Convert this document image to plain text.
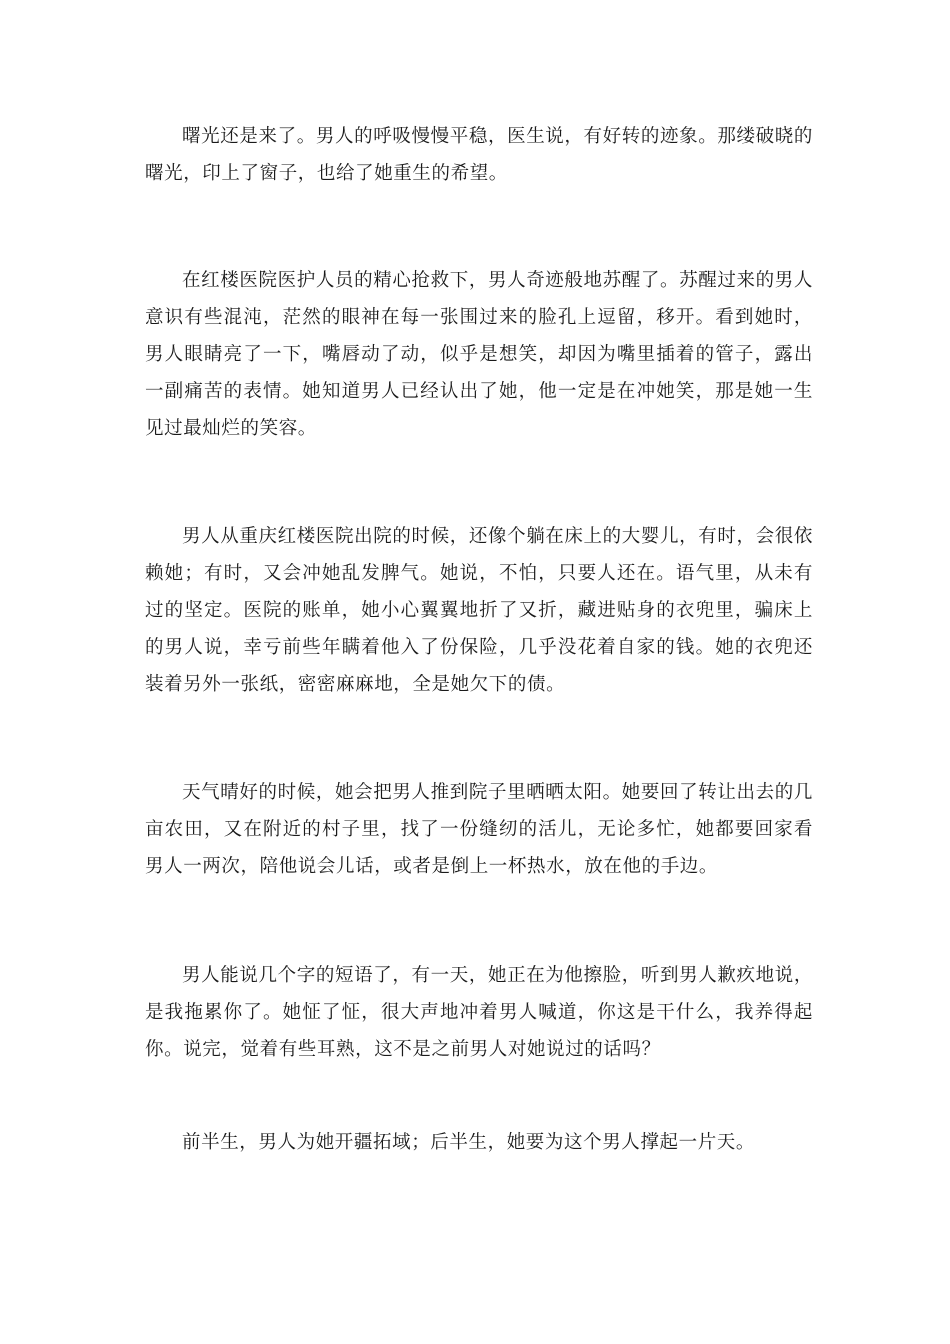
曙光还是来了。男人的呼吸慢慢平稳，医生说，有好转的迹象。那缕破晓的曙光，印上了窗子，也给了她重生的希望。

在红楼医院医护人员的精心抢救下，男人奇迹般地苏醒了。苏醒过来的男人意识有些混沌，茫然的眼神在每一张围过来的脸孔上逗留，移开。看到她时，男人眼睛亮了一下，嘴唇动了动，似乎是想笑，却因为嘴里插着的管子，露出一副痛苦的表情。她知道男人已经认出了她，他一定是在冲她笑，那是她一生见过最灿烂的笑容。

男人从重庆红楼医院出院的时候，还像个躺在床上的大婴儿，有时，会很依赖她；有时，又会冲她乱发脾气。她说，不怕，只要人还在。语气里，从未有过的坚定。医院的账单，她小心翼翼地折了又折，藏进贴身的衣兜里，骗床上的男人说，幸亏前些年瞒着他入了份保险，几乎没花着自家的钱。她的衣兜还装着另外一张纸，密密麻麻地，全是她欠下的债。

天气晴好的时候，她会把男人推到院子里晒晒太阳。她要回了转让出去的几亩农田，又在附近的村子里，找了一份缝纫的活儿，无论多忙，她都要回家看男人一两次，陪他说会儿话，或者是倒上一杯热水，放在他的手边。

男人能说几个字的短语了，有一天，她正在为他擦脸，听到男人歉疚地说，是我拖累你了。她怔了怔，很大声地冲着男人喊道，你这是干什么，我养得起你。说完，觉着有些耳熟，这不是之前男人对她说过的话吗？

前半生，男人为她开疆拓域；后半生，她要为这个男人撑起一片天。
